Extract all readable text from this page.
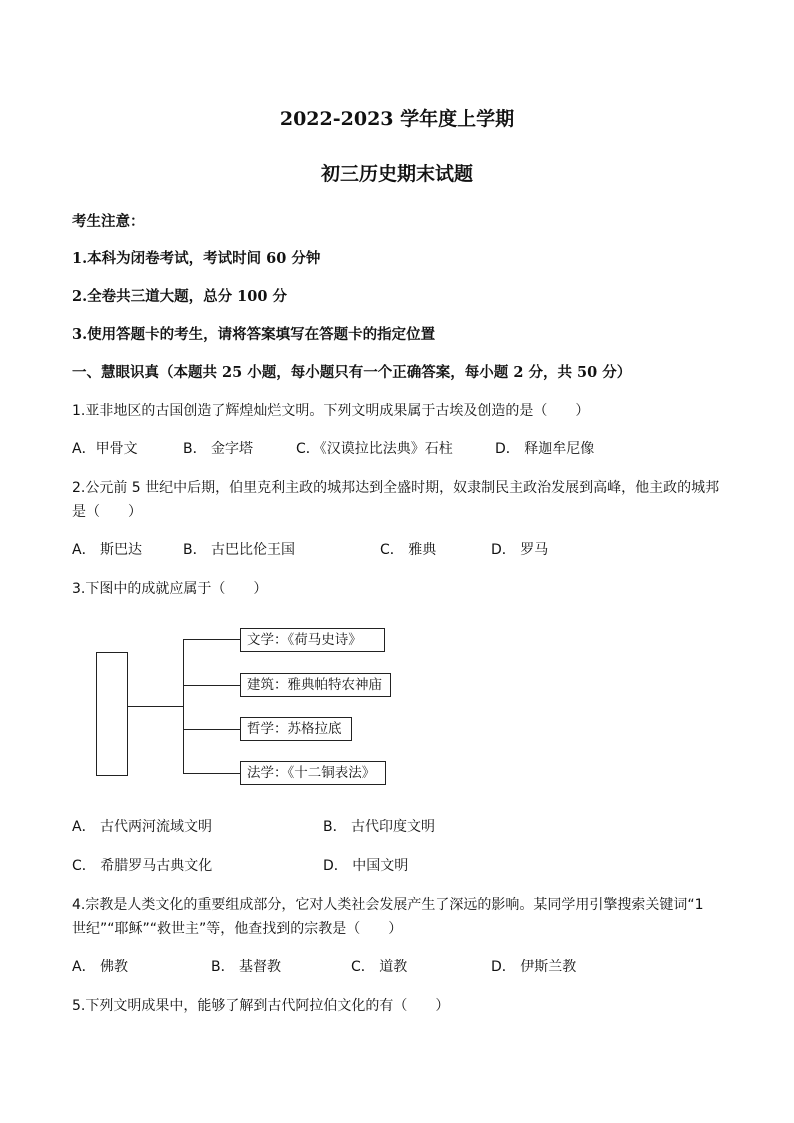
2022-2023 学年度上学期
初三历史期末试题
考生注意：
1.本科为闭卷考试，考试时间 60 分钟
2.全卷共三道大题，总分 100 分
3.使用答题卡的考生，请将答案填写在答题卡的指定位置
一、慧眼识真（本题共 25 小题，每小题只有一个正确答案，每小题 2 分，共 50 分）
1.亚非地区的古国创造了辉煌灿烂文明。下列文明成果属于古埃及创造的是（　　）
A．甲骨文	B． 金字塔	C．《汉谟拉比法典》石柱	D． 释迦牟尼像
2.公元前 5 世纪中后期，伯里克利主政的城邦达到全盛时期，奴隶制民主政治发展到高峰，他主政的城邦
是（　　）
A． 斯巴达	B． 古巴比伦王国	C． 雅典	D． 罗马
3.下图中的成就应属于（　　）
文学：《荷马史诗》
建筑：雅典帕特农神庙
哲学：苏格拉底
法学：《十二铜表法》
A． 古代两河流域文明	B． 古代印度文明
C． 希腊罗马古典文化	D． 中国文明
4.宗教是人类文化的重要组成部分，它对人类社会发展产生了深远的影响。某同学用引擎搜索关键词“1
世纪”“耶稣”“救世主”等，他查找到的宗教是（　　）
A． 佛教	B． 基督教	C． 道教	D． 伊斯兰教
5.下列文明成果中，能够了解到古代阿拉伯文化的有（　　）
